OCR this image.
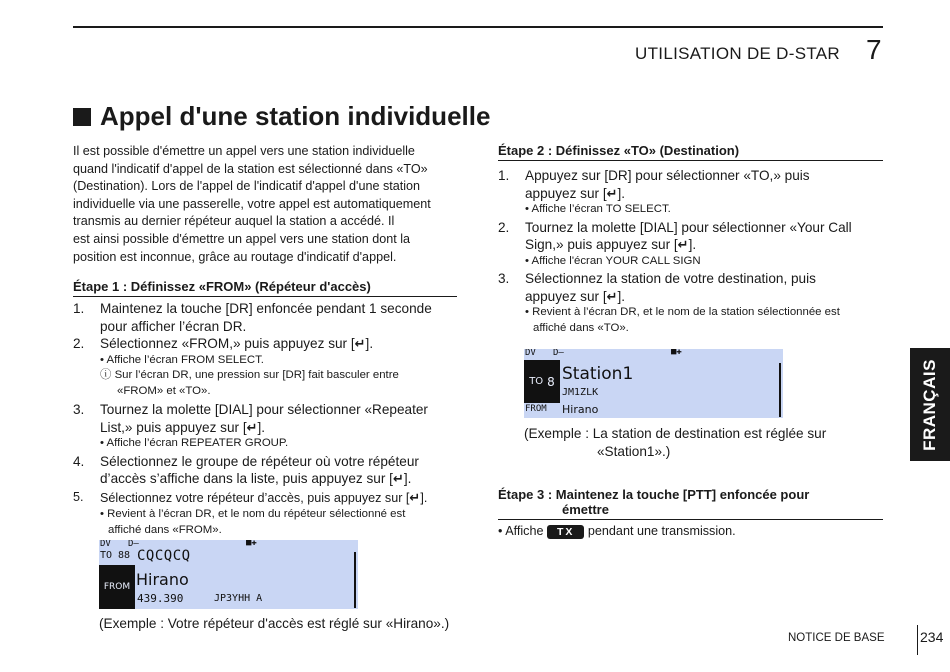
UTILISATION DE D-STAR 7
Appel d'une station individuelle
Il est possible d'émettre un appel vers une station individuelle
quand l'indicatif d'appel de la station est sélectionné dans «TO»
(Destination). Lors de l'appel de l'indicatif d'appel d'une station
individuelle via une passerelle, votre appel est automatiquement
transmis au dernier répéteur auquel la station a accédé. Il
est ainsi possible d'émettre un appel vers une station dont la
position est inconnue, grâce au routage d'indicatif d'appel.
Étape 1 : Définissez «FROM» (Répéteur d'accès)
1. Maintenez la touche [DR] enfoncée pendant 1 seconde
pour afficher l’écran DR.
2. Sélectionnez «FROM,» puis appuyez sur [↵].
• Affiche l’écran FROM SELECT.
ⓘ Sur l’écran DR, une pression sur [DR] fait basculer entre
«FROM» et «TO».
3. Tournez la molette [DIAL] pour sélectionner «Repeater
List,» puis appuyez sur [↵].
• Affiche l’écran REPEATER GROUP.
4. Sélectionnez le groupe de répéteur où votre répéteur
d’accès s’affiche dans la liste, puis appuyez sur [↵].
5. Sélectionnez votre répéteur d’accès, puis appuyez sur [↵].
• Revient à l’écran DR, et le nom du répéteur sélectionné est
affiché dans «FROM».
DV D–	■✚
TO 88 CQCQCQ
FROM Hirano
439.390	JP3YHH A
(Exemple : Votre répéteur d'accès est réglé sur «Hirano».)
Étape 2 : Définissez «TO» (Destination)
1. Appuyez sur [DR] pour sélectionner «TO,» puis
appuyez sur [↵].
• Affiche l’écran TO SELECT.
2. Tournez la molette [DIAL] pour sélectionner «Your Call
Sign,» puis appuyez sur [↵].
• Affiche l'écran YOUR CALL SIGN
3. Sélectionnez la station de votre destination, puis
appuyez sur [↵].
• Revient à l’écran DR, et le nom de la station sélectionnée est
affiché dans «TO».
DV D–	■✚
TO 8 Station1
JM1ZLK
FROM Hirano
(Exemple : La station de destination est réglée sur
«Station1».)
Étape 3 : Maintenez la touche [PTT] enfoncée pour
émettre
• Affiche TX pendant une transmission.
FRANÇAIS
NOTICE DE BASE	234
